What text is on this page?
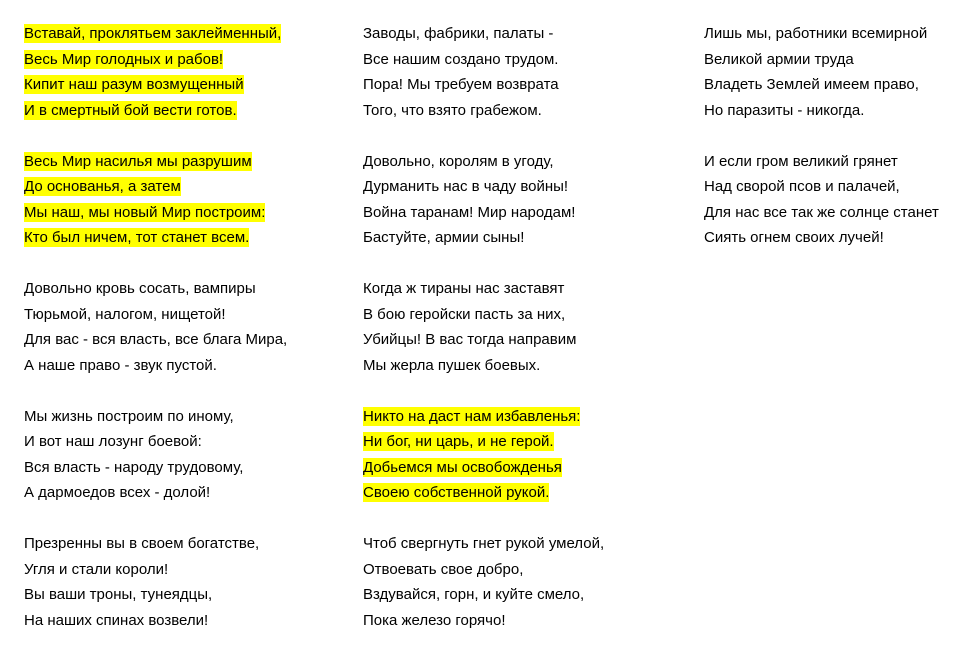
Вставай, проклятьем заклейменный,
Весь Мир голодных и рабов!
Кипит наш разум возмущенный
И в смертный бой вести готов.
Весь Мир насилья мы разрушим
До основанья, а затем
Мы наш, мы новый Мир построим:
Кто был ничем, тот станет всем.
Довольно кровь сосать, вампиры
Тюрьмой, налогом, нищетой!
Для вас - вся власть, все блага Мира,
А наше право - звук пустой.
Мы жизнь построим по иному,
И вот наш лозунг боевой:
Вся власть - народу трудовому,
А дармоедов всех - долой!
Презренны вы в своем богатстве,
Угля и стали короли!
Вы ваши троны, тунеядцы,
На наших спинах возвели!
Заводы, фабрики, палаты -
Все нашим создано трудом.
Пора! Мы требуем возврата
Того, что взято грабежом.
Довольно, королям в угоду,
Дурманить нас в чаду войны!
Война таранам! Мир народам!
Бастуйте, армии сыны!
Когда ж тираны нас заставят
В бою геройски пасть за них,
Убийцы! В вас тогда направим
Мы жерла пушек боевых.
Никто на даст нам избавленья:
Ни бог, ни царь, и не герой.
Добьемся мы освобожденья
Своею собственной рукой.
Чтоб свергнуть гнет рукой умелой,
Отвоевать свое добро,
Вздувайся, горн, и куйте смело,
Пока железо горячо!
Лишь мы, работники всемирной
Великой армии труда
Владеть Землей имеем право,
Но паразиты - никогда.
И если гром великий грянет
Над сворой псов и палачей,
Для нас все так же солнце станет
Сиять огнем своих лучей!
